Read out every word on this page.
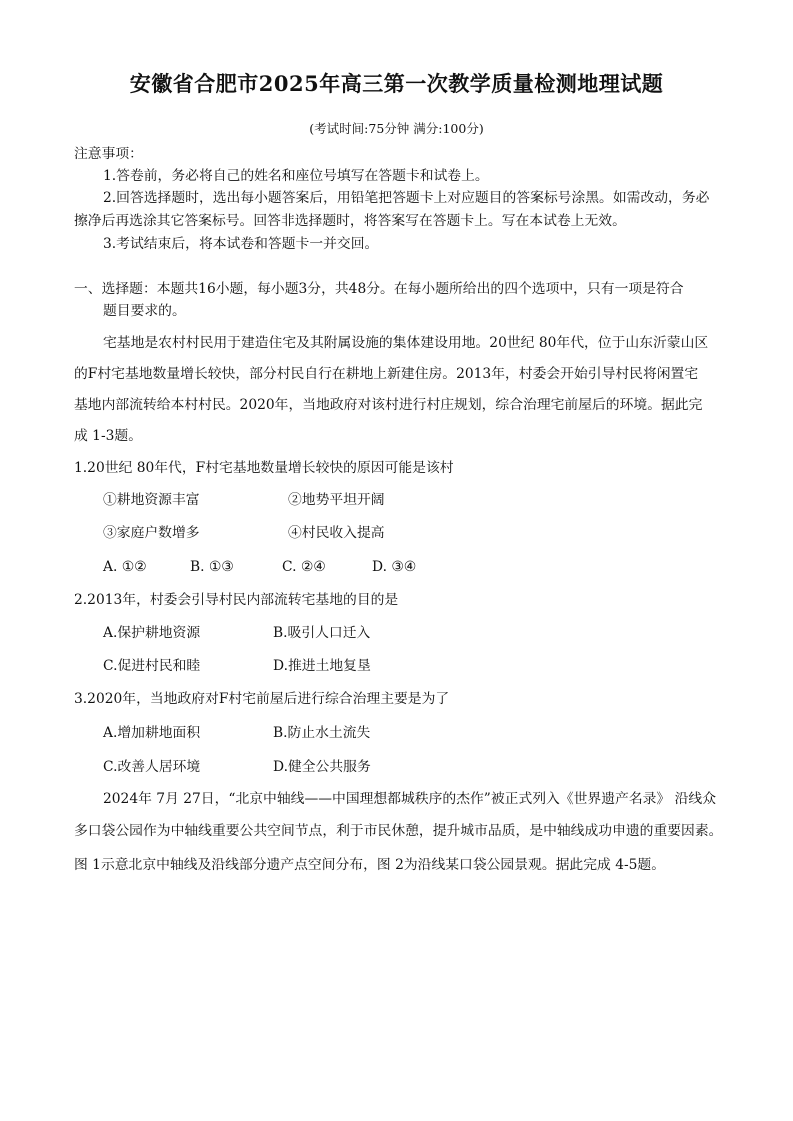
安徽省合肥市2025年高三第一次教学质量检测地理试题
(考试时间:75分钟 满分:100分)
注意事项：
1.答卷前，务必将自己的姓名和座位号填写在答题卡和试卷上。
2.回答选择题时，选出每小题答案后，用铅笔把答题卡上对应题目的答案标号涂黑。如需改动，务必
擦净后再选涂其它答案标号。回答非选择题时，将答案写在答题卡上。写在本试卷上无效。
3.考试结束后，将本试卷和答题卡一并交回。
一、选择题：本题共16小题，每小题3分，共48分。在每小题所给出的四个选项中，只有一项是符合
题目要求的。
宅基地是农村村民用于建造住宅及其附属设施的集体建设用地。20世纪 80年代，位于山东沂蒙山区
的F村宅基地数量增长较快，部分村民自行在耕地上新建住房。2013年，村委会开始引导村民将闲置宅
基地内部流转给本村村民。2020年，当地政府对该村进行村庄规划，综合治理宅前屋后的环境。据此完
成 1-3题。
1.20世纪 80年代，F村宅基地数量增长较快的原因可能是该村
①耕地资源丰富	②地势平坦开阔
③家庭户数增多	④村民收入提高
A. ①②	B. ①③	C. ②④	D. ③④
2.2013年，村委会引导村民内部流转宅基地的目的是
A.保护耕地资源	B.吸引人口迁入
C.促进村民和睦	D.推进土地复垦
3.2020年，当地政府对F村宅前屋后进行综合治理主要是为了
A.增加耕地面积	B.防止水土流失
C.改善人居环境	D.健全公共服务
2024年 7月 27日，“北京中轴线——中国理想都城秩序的杰作”被正式列入《世界遗产名录》 沿线众
多口袋公园作为中轴线重要公共空间节点，利于市民休憩，提升城市品质，是中轴线成功申遗的重要因素。
图 1示意北京中轴线及沿线部分遗产点空间分布，图 2为沿线某口袋公园景观。据此完成 4-5题。
